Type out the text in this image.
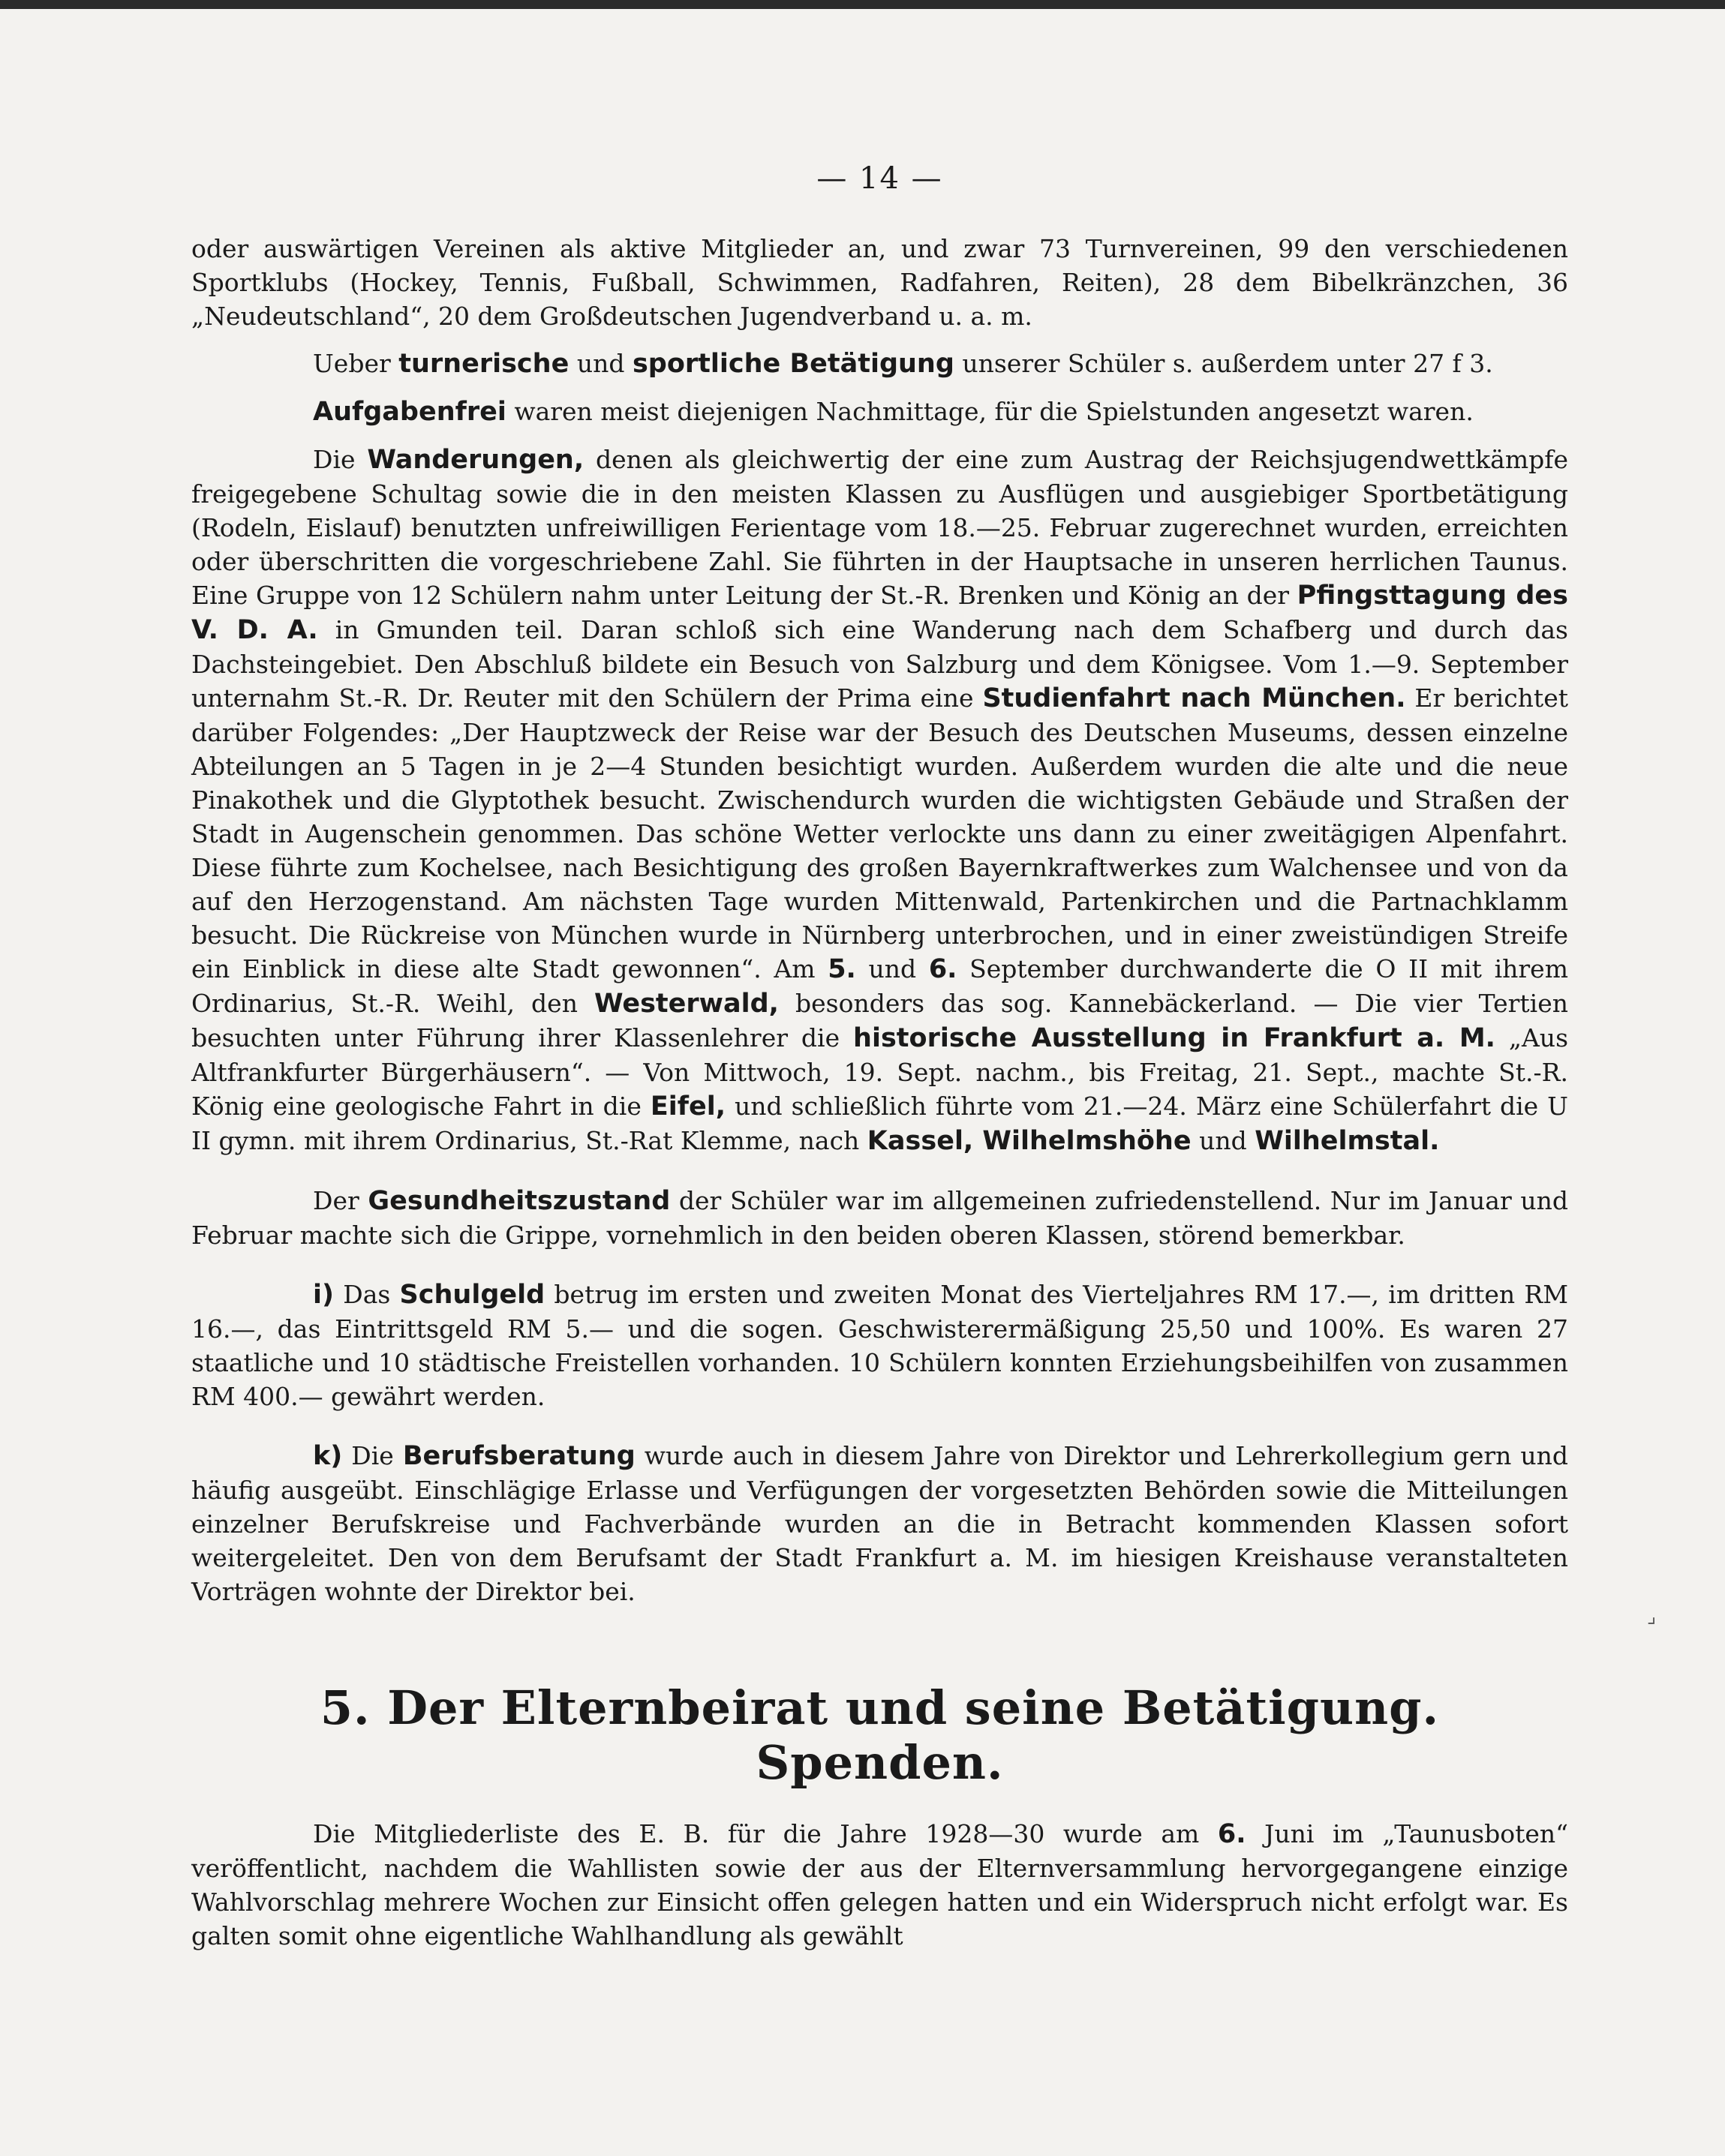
— 14 —

oder auswärtigen Vereinen als aktive Mitglieder an, und zwar 73 Turnvereinen, 99 den verschiedenen Sportklubs (Hockey, Tennis, Fußball, Schwimmen, Radfahren, Reiten), 28 dem Bibelkränzchen, 36 „Neudeutschland“, 20 dem Großdeutschen Jugendverband u. a. m.

Ueber turnerische und sportliche Betätigung unserer Schüler s. außerdem unter 27 f 3.

Aufgabenfrei waren meist diejenigen Nachmittage, für die Spielstunden angesetzt waren.

Die Wanderungen, denen als gleichwertig der eine zum Austrag der Reichsjugendwettkämpfe freigegebene Schultag sowie die in den meisten Klassen zu Ausflügen und ausgiebiger Sportbetätigung (Rodeln, Eislauf) benutzten unfreiwilligen Ferientage vom 18.—25. Februar zugerechnet wurden, erreichten oder überschritten die vorgeschriebene Zahl. Sie führten in der Hauptsache in unseren herrlichen Taunus. Eine Gruppe von 12 Schülern nahm unter Leitung der St.-R. Brenken und König an der Pfingsttagung des V. D. A. in Gmunden teil. Daran schloß sich eine Wanderung nach dem Schafberg und durch das Dachsteingebiet. Den Abschluß bildete ein Besuch von Salzburg und dem Königsee. Vom 1.—9. September unternahm St.-R. Dr. Reuter mit den Schülern der Prima eine Studienfahrt nach München. Er berichtet darüber Folgendes: „Der Hauptzweck der Reise war der Besuch des Deutschen Museums, dessen einzelne Abteilungen an 5 Tagen in je 2—4 Stunden besichtigt wurden. Außerdem wurden die alte und die neue Pinakothek und die Glyptothek besucht. Zwischendurch wurden die wichtigsten Gebäude und Straßen der Stadt in Augenschein genommen. Das schöne Wetter verlockte uns dann zu einer zweitägigen Alpenfahrt. Diese führte zum Kochelsee, nach Besichtigung des großen Bayernkraftwerkes zum Walchensee und von da auf den Herzogenstand. Am nächsten Tage wurden Mittenwald, Partenkirchen und die Partnachklamm besucht. Die Rückreise von München wurde in Nürnberg unterbrochen, und in einer zweistündigen Streife ein Einblick in diese alte Stadt gewonnen“. Am 5. und 6. September durchwanderte die O II mit ihrem Ordinarius, St.-R. Weihl, den Westerwald, besonders das sog. Kannebäckerland. — Die vier Tertien besuchten unter Führung ihrer Klassenlehrer die historische Ausstellung in Frankfurt a. M. „Aus Altfrankfurter Bürgerhäusern“. — Von Mittwoch, 19. Sept. nachm., bis Freitag, 21. Sept., machte St.-R. König eine geologische Fahrt in die Eifel, und schließlich führte vom 21.—24. März eine Schülerfahrt die U II gymn. mit ihrem Ordinarius, St.-Rat Klemme, nach Kassel, Wilhelmshöhe und Wilhelmstal.

Der Gesundheitszustand der Schüler war im allgemeinen zufriedenstellend. Nur im Januar und Februar machte sich die Grippe, vornehmlich in den beiden oberen Klassen, störend bemerkbar.

i) Das Schulgeld betrug im ersten und zweiten Monat des Vierteljahres RM 17.—, im dritten RM 16.—, das Eintrittsgeld RM 5.— und die sogen. Geschwisterermäßigung 25,50 und 100%. Es waren 27 staatliche und 10 städtische Freistellen vorhanden. 10 Schülern konnten Erziehungsbeihilfen von zusammen RM 400.— gewährt werden.

k) Die Berufsberatung wurde auch in diesem Jahre von Direktor und Lehrerkollegium gern und häufig ausgeübt. Einschlägige Erlasse und Verfügungen der vorgesetzten Behörden sowie die Mitteilungen einzelner Berufskreise und Fachverbände wurden an die in Betracht kommenden Klassen sofort weitergeleitet. Den von dem Berufsamt der Stadt Frankfurt a. M. im hiesigen Kreishause veranstalteten Vorträgen wohnte der Direktor bei.

5. Der Elternbeirat und seine Betätigung. Spenden.

Die Mitgliederliste des E. B. für die Jahre 1928—30 wurde am 6. Juni im „Taunusboten“ veröffentlicht, nachdem die Wahllisten sowie der aus der Elternversammlung hervorgegangene einzige Wahlvorschlag mehrere Wochen zur Einsicht offen gelegen hatten und ein Widerspruch nicht erfolgt war. Es galten somit ohne eigentliche Wahlhandlung als gewählt

⌟
